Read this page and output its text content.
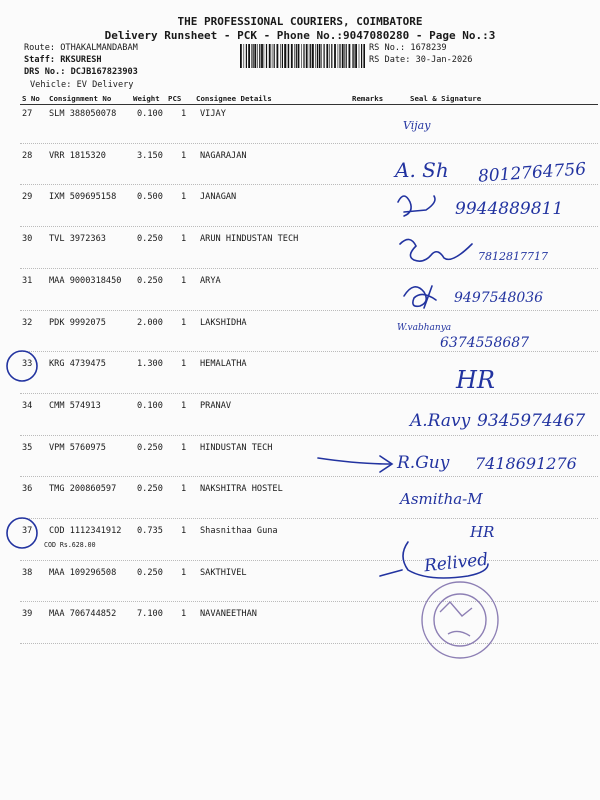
THE PROFESSIONAL COURIERS, COIMBATORE
Delivery Runsheet - PCK - Phone No.:9047080280 - Page No.:3
Route: OTHAKALMANDABAM
Staff: RKSURESH
DRS No.: DCJB167823903
Vehicle: EV Delivery
RS No.: 1678239
RS Date: 30-Jan-2026
S No Consignment No	Weight PCS Consignee Details	Remarks	Seal & Signature
27 SLM 388050078 0.100 1 VIJAY
28 VRR 1815320	3.150 1 NAGARAJAN
29 IXM 509695158 0.500 1 JANAGAN
30 TVL 3972363	0.250 1 ARUN HINDUSTAN TECH
31 MAA 9000318450 0.250 1 ARYA
32 PDK 9992075	2.000 1 LAKSHIDHA
33 KRG 4739475	1.300 1 HEMALATHA
34 CMM 574913	0.100 1 PRANAV
35 VPM 5760975	0.250 1 HINDUSTAN TECH
36 TMG 200860597 0.250 1 NAKSHITRA HOSTEL
37 COD 1112341912 0.735 1 Shasnithaa Guna
COD Rs.628.00
38 MAA 109296508 0.250 1 SAKTHIVEL
39 MAA 706744852 7.100 1 NAVANEETHAN
Vijay
A. Sh 8012764756
9944889811
7812817717
9497548036
W.vabhanya
6374558687
HR
A.Ravy 9345974467
R.Guy 7418691276
Asmitha-M
HR
Relived
